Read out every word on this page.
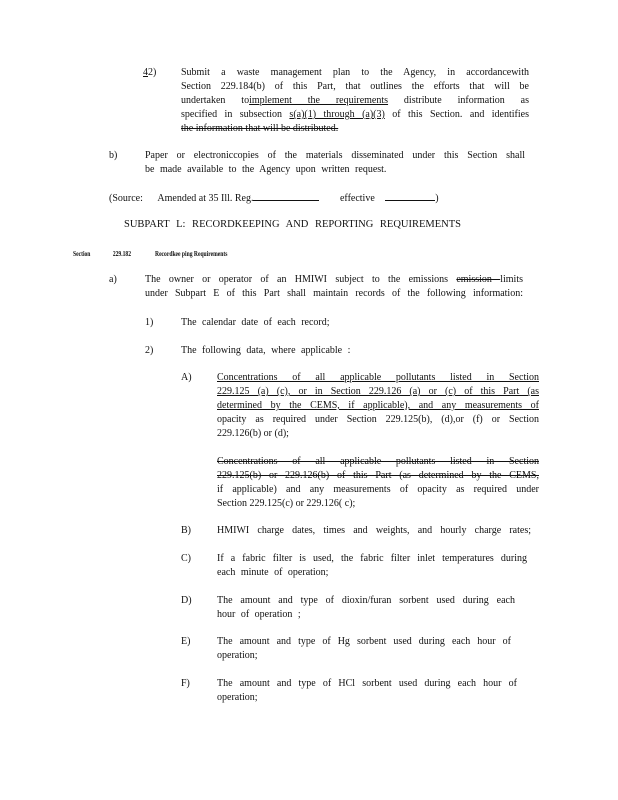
42) Submit a waste management plan to the Agency, in accordancewith
Section 229.184(b) of this Part, that outlines the efforts that will be
undertaken toimplement the requirements distribute information as
specified in subsection s(a)(1) through (a)(3) of this Section. and identifies
the information that will be distributed.
b)	Paper or electroniccopies of the materials disseminated under this Section shall
be made available to the Agency upon written request.
(Source: Amended at 35 Ill. Reg.	effective	)
SUBPART L: RECORDKEEPING AND REPORTING REQUIREMENTS
Section	229.182	Recordkee ping Requirements
a)	The owner or operator of an HMIWI subject to the emissions emission limits
under Subpart E of this Part shall maintain records of the following information:
1)	The calendar date of each record;
2)	The following data, where applicable :
A)	Concentrations of all applicable pollutants listed in Section
229.125 (a) (c), or in Section 229.126 (a) or (c) of this Part (as
determined by the CEMS, if applicable), and any measurements of
opacity as required under Section 229.125(b), (d),or (f) or Section
229.126(b) or (d);
Concentrations of all applicable pollutants listed in Section
229.125(b) or 229.126(b) of this Part (as determined by the CEMS,
if applicable) and any measurements of opacity as required under
Section 229.125(c) or 229.126( c);
B)	HMIWI charge dates, times and weights, and hourly charge rates;
C)	If a fabric filter is used, the fabric filter inlet temperatures during
each minute of operation;
D)	The amount and type of dioxin/furan sorbent used during each
hour of operation ;
E)	The amount and type of Hg sorbent used during each hour of
operation;
F)	The amount and type of HCl sorbent used during each hour of
operation;
